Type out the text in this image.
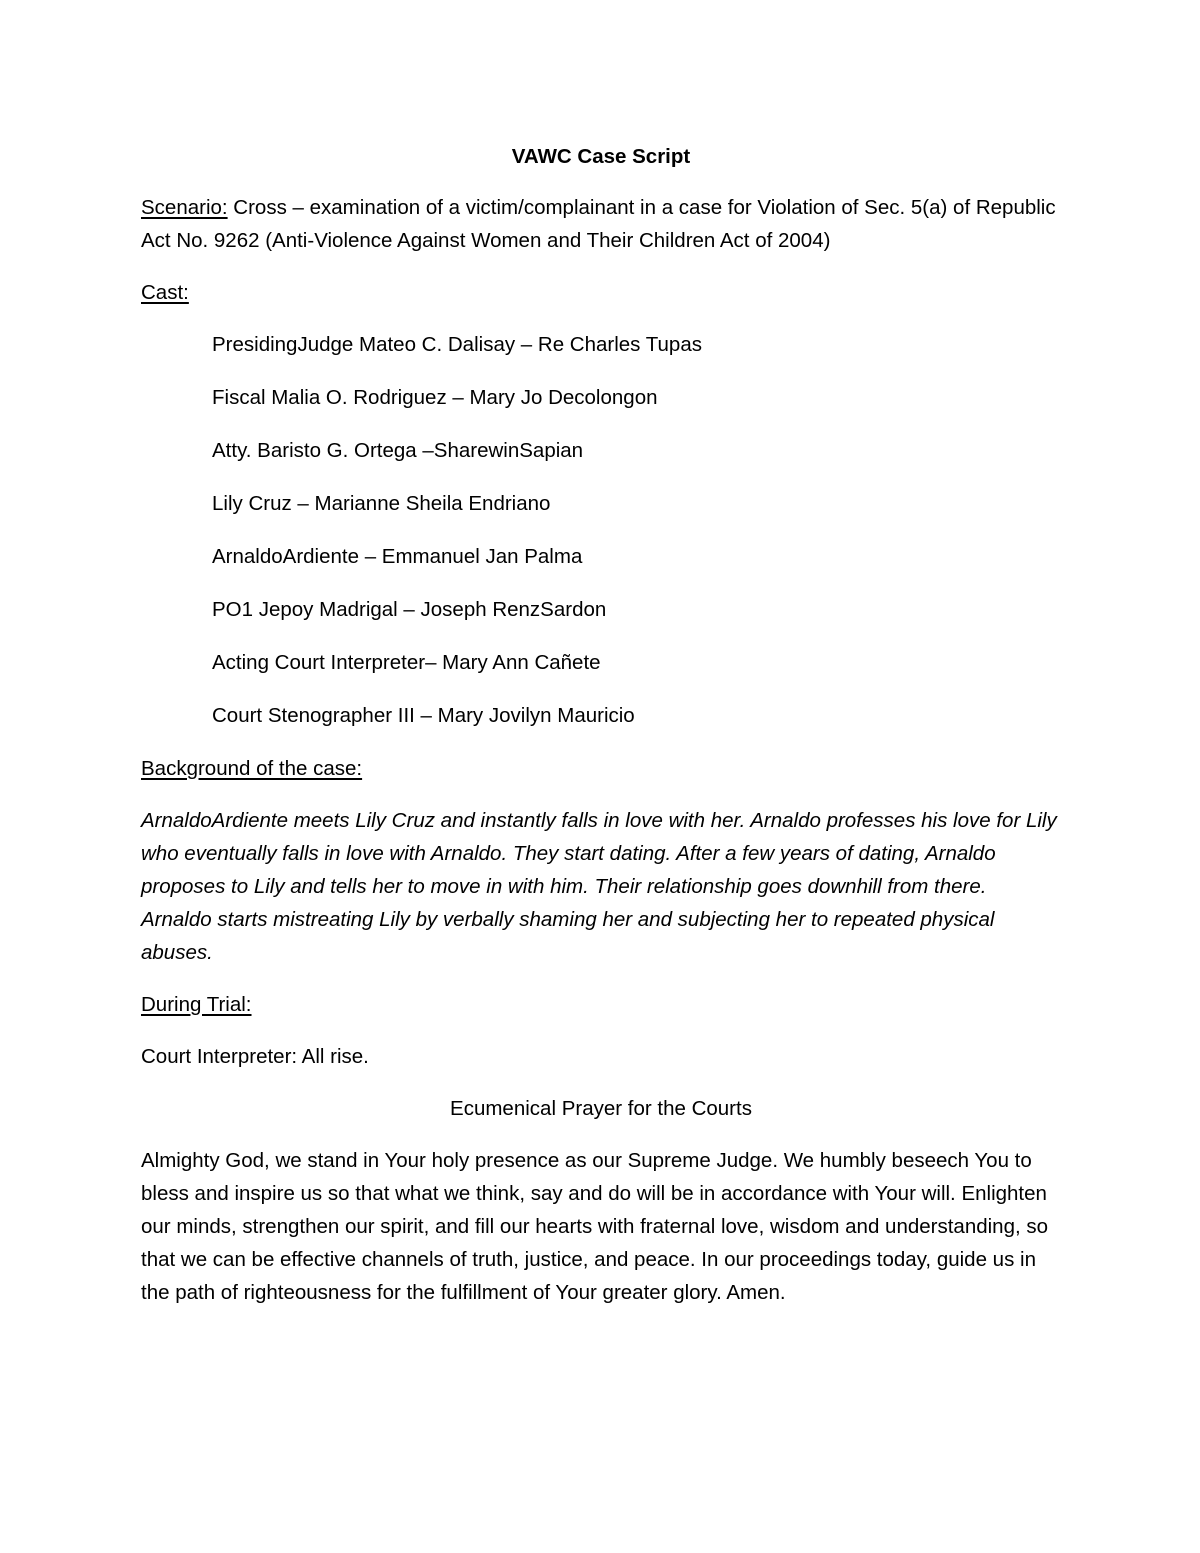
VAWC Case Script

Scenario: Cross – examination of a victim/complainant in a case for Violation of Sec. 5(a) of Republic Act No. 9262 (Anti-Violence Against Women and Their Children Act of 2004)

Cast:

PresidingJudge Mateo C. Dalisay – Re Charles Tupas
Fiscal Malia O. Rodriguez – Mary Jo Decolongon
Atty. Baristo G. Ortega –SharewinSapian
Lily Cruz – Marianne Sheila Endriano
ArnaldoArdiente – Emmanuel Jan Palma
PO1 Jepoy Madrigal – Joseph RenzSardon
Acting Court Interpreter– Mary Ann Cañete
Court Stenographer III – Mary Jovilyn Mauricio

Background of the case:

ArnaldoArdiente meets Lily Cruz and instantly falls in love with her. Arnaldo professes his love for Lily who eventually falls in love with Arnaldo. They start dating. After a few years of dating, Arnaldo proposes to Lily and tells her to move in with him. Their relationship goes downhill from there. Arnaldo starts mistreating Lily by verbally shaming her and subjecting her to repeated physical abuses.

During Trial:

Court Interpreter: All rise.

Ecumenical Prayer for the Courts

Almighty God, we stand in Your holy presence as our Supreme Judge. We humbly beseech You to bless and inspire us so that what we think, say and do will be in accordance with Your will. Enlighten our minds, strengthen our spirit, and fill our hearts with fraternal love, wisdom and understanding, so that we can be effective channels of truth, justice, and peace. In our proceedings today, guide us in the path of righteousness for the fulfillment of Your greater glory. Amen.
